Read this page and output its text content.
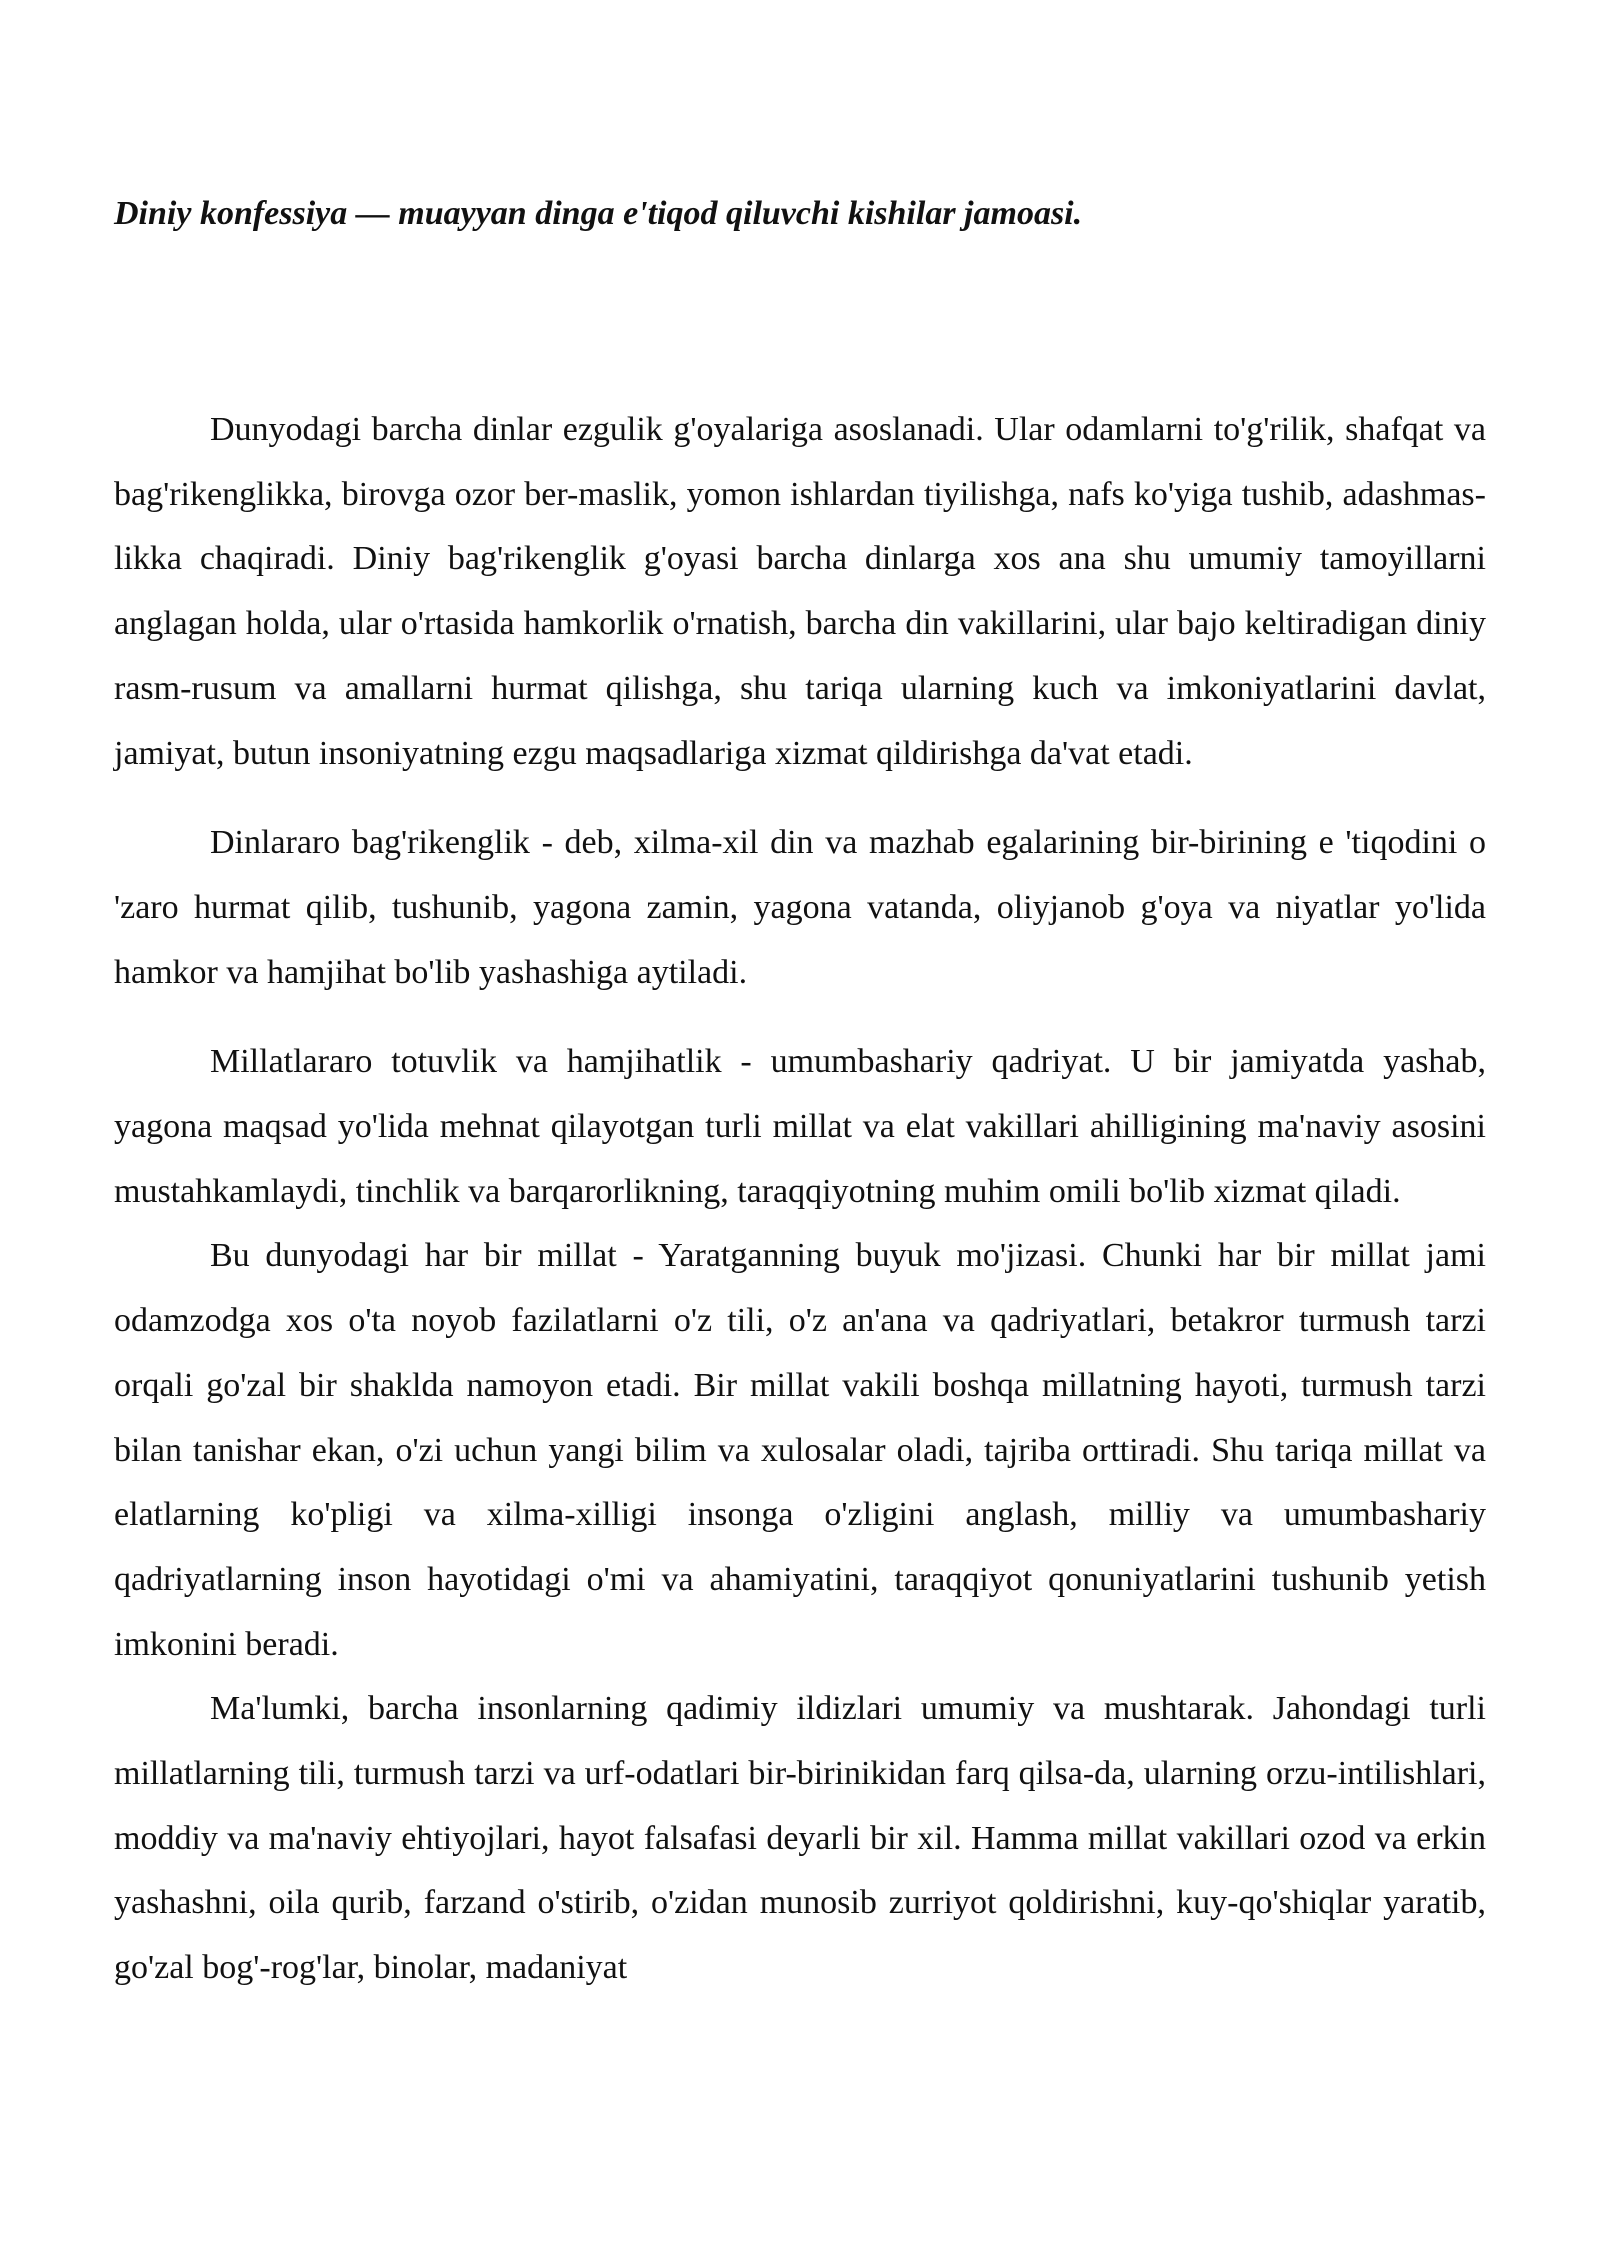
Diniy konfessiya — muayyan dinga e'tiqod qiluvchi kishilar jamoasi.

Dunyodagi barcha dinlar ezgulik g'oyalariga asoslanadi. Ular odamlarni to'g'rilik, shafqat va bag'rikenglikka, birovga ozor ber-maslik, yomon ishlardan tiyilishga, nafs ko'yiga tushib, adashmas-likka chaqiradi. Diniy bag'rikenglik g'oyasi barcha dinlarga xos ana shu umumiy tamoyillarni anglagan holda, ular o'rtasida hamkorlik o'rnatish, barcha din vakillarini, ular bajo keltiradigan diniy rasm-rusum va amallarni hurmat qilishga, shu tariqa ularning kuch va imkoniyatlarini davlat, jamiyat, butun insoniyatning ezgu maqsadlariga xizmat qildirishga da'vat etadi.

Dinlararo bag'rikenglik - deb, xilma-xil din va mazhab egalarining bir-birining e 'tiqodini o 'zaro hurmat qilib, tushunib, yagona zamin, yagona vatanda, oliyjanob g'oya va niyatlar yo'lida hamkor va hamjihat bo'lib yashashiga aytiladi.

Millatlararo totuvlik va hamjihatlik - umumbashariy qadriyat. U bir jamiyatda yashab, yagona maqsad yo'lida mehnat qilayotgan turli millat va elat vakillari ahilligining ma'naviy asosini mustahkamlaydi, tinchlik va barqarorlikning, taraqqiyotning muhim omili bo'lib xizmat qiladi.

Bu dunyodagi har bir millat - Yaratganning buyuk mo'jizasi. Chunki har bir millat jami odamzodga xos o'ta noyob fazilatlarni o'z tili, o'z an'ana va qadriyatlari, betakror turmush tarzi orqali go'zal bir shaklda namoyon etadi. Bir millat vakili boshqa millatning hayoti, turmush tarzi bilan tanishar ekan, o'zi uchun yangi bilim va xulosalar oladi, tajriba orttiradi. Shu tariqa millat va elatlarning ko'pligi va xilma-xilligi insonga o'zligini anglash, milliy va umumbashariy qadriyatlarning inson hayotidagi o'mi va ahamiyatini, taraqqiyot qonuniyatlarini tushunib yetish imkonini beradi.

Ma'lumki, barcha insonlarning qadimiy ildizlari umumiy va mushtarak. Jahondagi turli millatlarning tili, turmush tarzi va urf-odatlari bir-birinikidan farq qilsa-da, ularning orzu-intilishlari, moddiy va ma'naviy ehtiyojlari, hayot falsafasi deyarli bir xil. Hamma millat vakillari ozod va erkin yashashni, oila qurib, farzand o'stirib, o'zidan munosib zurriyot qoldirishni, kuy-qo'shiqlar yaratib, go'zal bog'-rog'lar, binolar, madaniyat
